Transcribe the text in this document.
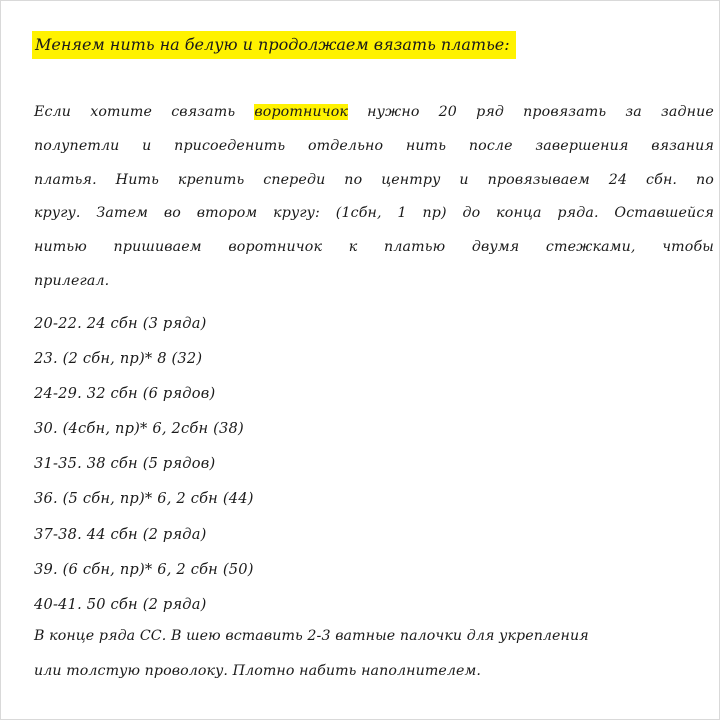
Меняем нить на белую и продолжаем вязать платье:
Если хотите связать воротничок нужно 20 ряд провязать за задние
полупетли и присоеденить отдельно нить после завершения вязания
платья. Нить крепить спереди по центру и провязываем 24 сбн. по
кругу. Затем во втором кругу: (1сбн, 1 пр) до конца ряда. Оставшейся
нитью пришиваем воротничок к платью двумя стежками, чтобы
прилегал.
20-22. 24 сбн (3 ряда)
23. (2 сбн, пр)* 8 (32)
24-29. 32 сбн (6 рядов)
30. (4сбн, пр)* 6, 2сбн (38)
31-35. 38 сбн (5 рядов)
36. (5 сбн, пр)* 6, 2 сбн (44)
37-38. 44 сбн (2 ряда)
39. (6 сбн, пр)* 6, 2 сбн (50)
40-41. 50 сбн (2 ряда)
В конце ряда СС. В шею вставить 2-3 ватные палочки для укрепления
или толстую проволоку. Плотно набить наполнителем.
